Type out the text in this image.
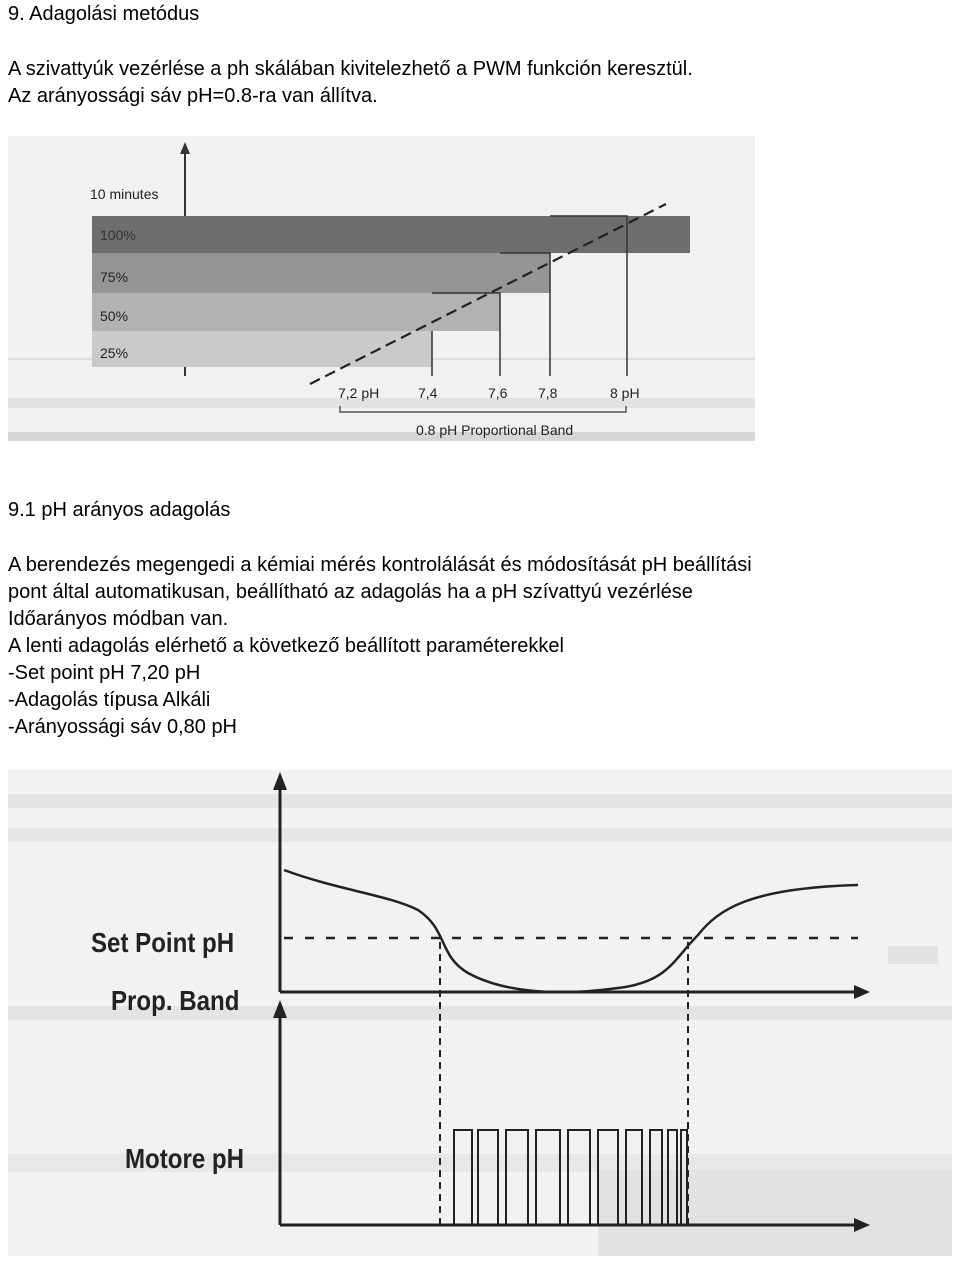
9. Adagolási metódus

A szivattyúk vezérlése a ph skálában kivitelezhető a PWM funkción keresztül.
Az arányossági sáv pH=0.8-ra van állítva.

10 minutes
100%
75%
50%
25%
7,2 pH	7,4	7,6 7,8	8 pH
0.8 pH Proportional Band
9.1 pH arányos adagolás

A berendezés megengedi a kémiai mérés kontrolálását és módosítását pH beállítási
pont által automatikusan, beállítható az adagolás ha a pH szívattyú vezérlése
Időarányos módban van.
A lenti adagolás elérhető a következő beállított paraméterekkel
-Set point pH 7,20 pH
-Adagolás típusa Alkáli
-Arányossági sáv 0,80 pH

Set Point pH
Prop. Band
Motore pH
